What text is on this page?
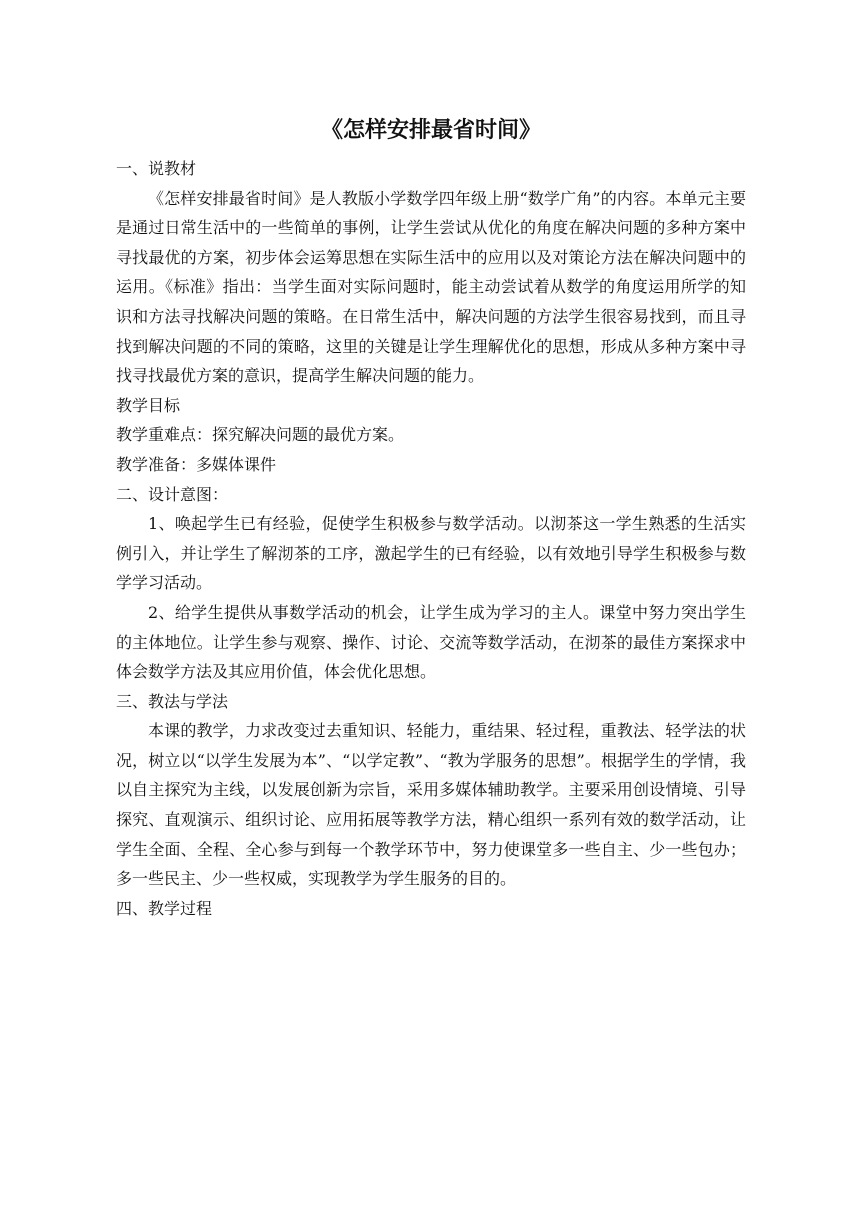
《怎样安排最省时间》

一、说教材

《怎样安排最省时间》是人教版小学数学四年级上册“数学广角”的内容。本单元主要是通过日常生活中的一些简单的事例，让学生尝试从优化的角度在解决问题的多种方案中寻找最优的方案，初步体会运筹思想在实际生活中的应用以及对策论方法在解决问题中的运用。《标准》指出：当学生面对实际问题时，能主动尝试着从数学的角度运用所学的知识和方法寻找解决问题的策略。在日常生活中，解决问题的方法学生很容易找到，而且寻找到解决问题的不同的策略，这里的关键是让学生理解优化的思想，形成从多种方案中寻找寻找最优方案的意识，提高学生解决问题的能力。

教学目标

教学重难点：探究解决问题的最优方案。

教学准备：多媒体课件

二、设计意图：

1、唤起学生已有经验，促使学生积极参与数学活动。以沏茶这一学生熟悉的生活实例引入，并让学生了解沏茶的工序，激起学生的已有经验，以有效地引导学生积极参与数学学习活动。

2、给学生提供从事数学活动的机会，让学生成为学习的主人。课堂中努力突出学生的主体地位。让学生参与观察、操作、讨论、交流等数学活动，在沏茶的最佳方案探求中体会数学方法及其应用价值，体会优化思想。

三、教法与学法

本课的教学，力求改变过去重知识、轻能力，重结果、轻过程，重教法、轻学法的状况，树立以“以学生发展为本”、“以学定教”、“教为学服务的思想”。根据学生的学情，我以自主探究为主线，以发展创新为宗旨，采用多媒体辅助教学。主要采用创设情境、引导探究、直观演示、组织讨论、应用拓展等教学方法，精心组织一系列有效的数学活动，让学生全面、全程、全心参与到每一个教学环节中，努力使课堂多一些自主、少一些包办；多一些民主、少一些权威，实现教学为学生服务的目的。

四、教学过程
